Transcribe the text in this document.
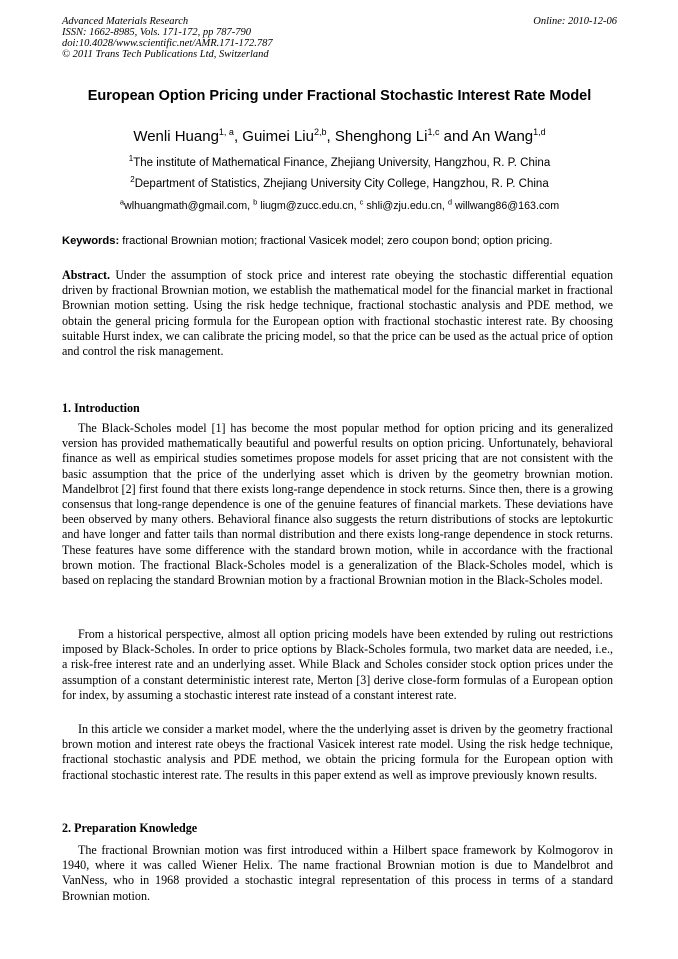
Advanced Materials Research
ISSN: 1662-8985, Vols. 171-172, pp 787-790
doi:10.4028/www.scientific.net/AMR.171-172.787
© 2011 Trans Tech Publications Ltd, Switzerland
Online: 2010-12-06
European Option Pricing under Fractional Stochastic Interest Rate Model
Wenli Huang$^{1, a}$, Guimei Liu$^{2,b}$, Shenghong Li$^{1,c}$ and An Wang$^{1,d}$
$^1$The institute of Mathematical Finance, Zhejiang University, Hangzhou, R. P. China
$^2$Department of Statistics, Zhejiang University City College, Hangzhou, R. P. China
$^a$wlhuangmath@gmail.com, $^b$ liugm@zucc.edu.cn, $^c$ shli@zju.edu.cn, $^d$ willwang86@163.com
Keywords: fractional Brownian motion; fractional Vasicek model; zero coupon bond; option pricing.
Abstract. Under the assumption of stock price and interest rate obeying the stochastic differential equation driven by fractional Brownian motion, we establish the mathematical model for the financial market in fractional Brownian motion setting. Using the risk hedge technique, fractional stochastic analysis and PDE method, we obtain the general pricing formula for the European option with fractional stochastic interest rate. By choosing suitable Hurst index, we can calibrate the pricing model, so that the price can be used as the actual price of option and control the risk management.
1. Introduction
The Black-Scholes model [1] has become the most popular method for option pricing and its generalized version has provided mathematically beautiful and powerful results on option pricing. Unfortunately, behavioral finance as well as empirical studies sometimes propose models for asset pricing that are not consistent with the basic assumption that the price of the underlying asset which is driven by the geometry brownian motion. Mandelbrot [2] first found that there exists long-range dependence in stock returns. Since then, there is a growing consensus that long-range dependence is one of the genuine features of financial markets. These deviations have been observed by many others. Behavioral finance also suggests the return distributions of stocks are leptokurtic and have longer and fatter tails than normal distribution and there exists long-range dependence in stock returns. These features have some difference with the standard brown motion, while in accordance with the fractional brown motion. The fractional Black-Scholes model is a generalization of the Black-Scholes model, which is based on replacing the standard Brownian motion by a fractional Brownian motion in the Black-Scholes model.
From a historical perspective, almost all option pricing models have been extended by ruling out restrictions imposed by Black-Scholes. In order to price options by Black-Scholes formula, two market data are needed, i.e., a risk-free interest rate and an underlying asset. While Black and Scholes consider stock option prices under the assumption of a constant deterministic interest rate, Merton [3] derive close-form formulas of a European option for index, by assuming a stochastic interest rate instead of a constant interest rate.
In this article we consider a market model, where the the underlying asset is driven by the geometry fractional brown motion and interest rate obeys the fractional Vasicek interest rate model. Using the risk hedge technique, fractional stochastic analysis and PDE method, we obtain the pricing formula for the European option with fractional stochastic interest rate. The results in this paper extend as well as improve previously known results.
2. Preparation Knowledge
The fractional Brownian motion was first introduced within a Hilbert space framework by Kolmogorov in 1940, where it was called Wiener Helix. The name fractional Brownian motion is due to Mandelbrot and VanNess, who in 1968 provided a stochastic integral representation of this process in terms of a standard Brownian motion.
